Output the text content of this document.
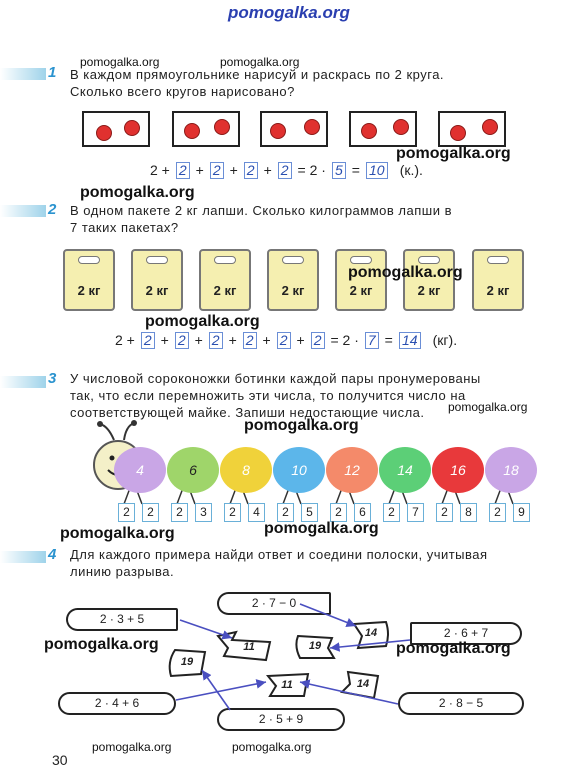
pomogalka.org
1
pomogalka.org	pomogalka.org
В каждом прямоугольнике нарисуй и раскрась по 2 круга.
Сколько всего кругов нарисовано?
pomogalka.org
2 + 2 + 2 + 2 + 2 = 2 · 5 = 10 (к.).
pomogalka.org
2 В одном пакете 2 кг лапши. Сколько килограммов лапши в
7 таких пакетах?
2 кг	2 кг	2 кг	2 кг	2 кг	2 кг	2 кг
pomogalka.org
pomogalka.org
2 + 2 + 2 + 2 + 2 + 2 + 2 = 2 · 7 = 14 (кг).
3 У числовой сороконожки ботинки каждой пары пронумерованы
так, что если перемножить эти числа, то получится число на
соответствующей майке. Запиши недостающие числа. pomogalka.org
pomogalka.org
4	6	8	10	12	14	16	18
2	2	2	3	2	4	2	5	2	6	2	7	2	8	2	9
pomogalka.org	pomogalka.org
4 Для каждого примера найди ответ и соедини полоски, учитывая
линию разрыва.
2 · 3 + 5
2 · 7 − 0
2 · 6 + 7
2 · 4 + 6
2 · 5 + 9
2 · 8 − 5
11
14
19
19
11	14
pomogalka.org	pomogalka.org
30
pomogalka.org	pomogalka.org
